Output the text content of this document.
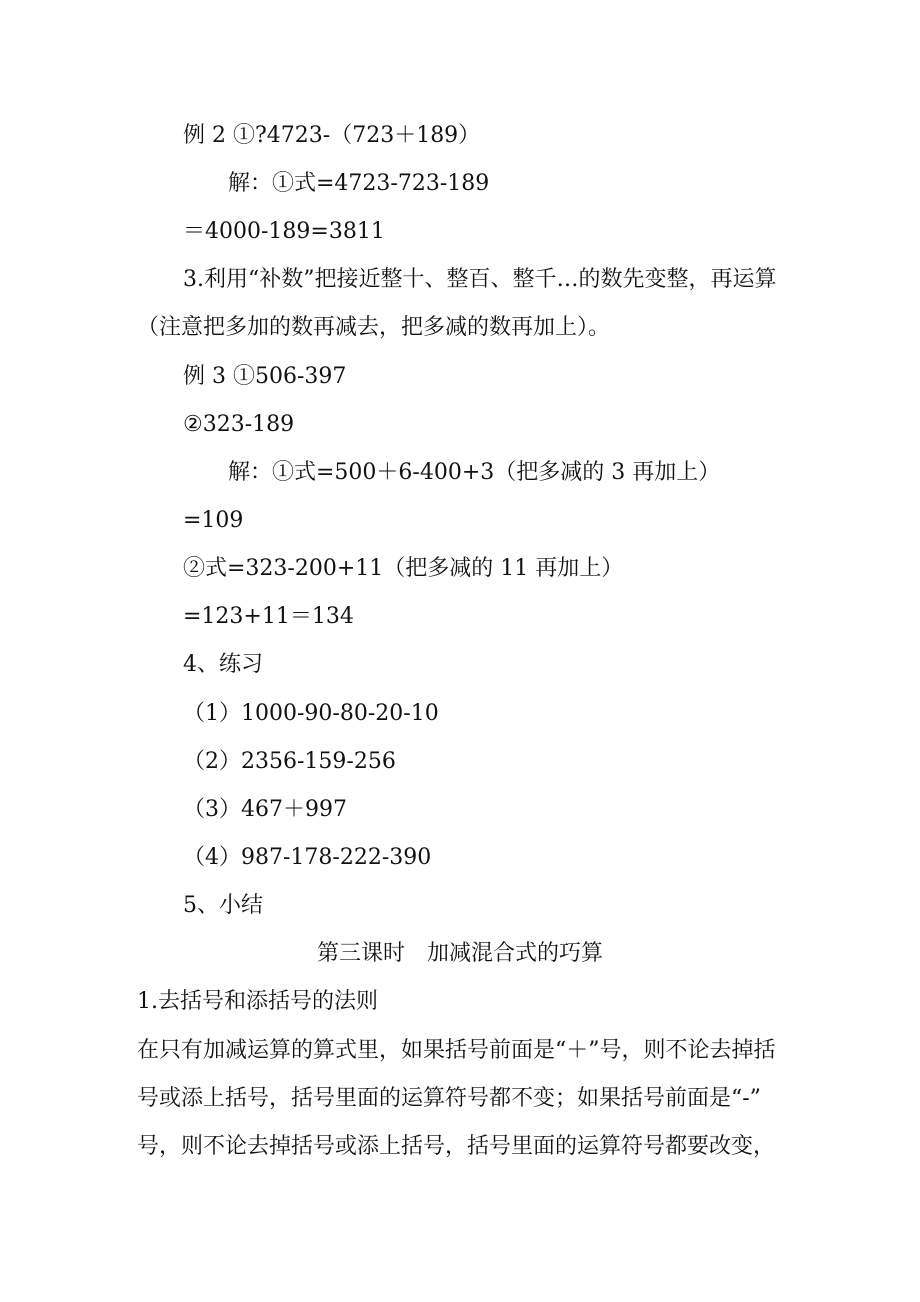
例 2 ①?4723-（723＋189）
解：①式=4723-723-189
＝4000-189=3811
3.利用“补数”把接近整十、整百、整千…的数先变整，再运算
（注意把多加的数再减去，把多减的数再加上）。
例 3 ①506-397
②323-189
解：①式=500＋6-400+3（把多减的 3 再加上）
=109
②式=323-200+11（把多减的 11 再加上）
=123+11＝134
4、练习
（1）1000-90-80-20-10
（2）2356-159-256
（3）467＋997
（4）987-178-222-390
5、小结
第三课时　加减混合式的巧算
1.去括号和添括号的法则
在只有加减运算的算式里，如果括号前面是“＋”号，则不论去掉括
号或添上括号，括号里面的运算符号都不变；如果括号前面是“-”
号，则不论去掉括号或添上括号，括号里面的运算符号都要改变，
